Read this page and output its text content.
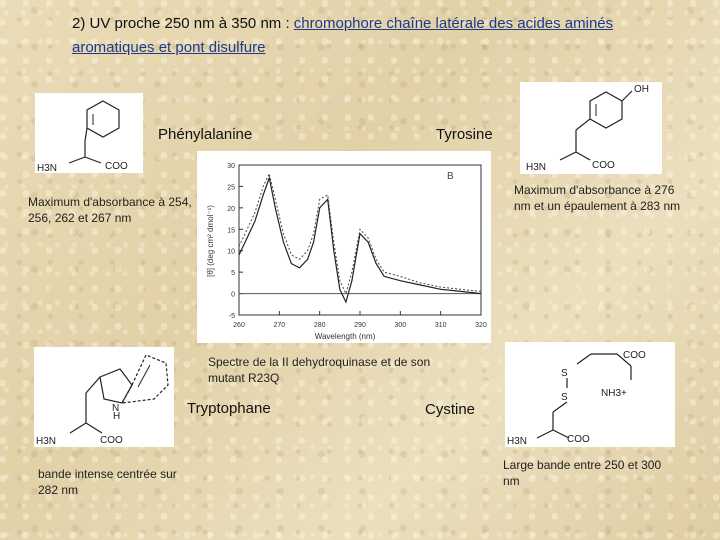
2) UV proche 250 nm à 350 nm : chromophore chaîne latérale des acides aminés aromatiques et pont disulfure
H3N	COO
OH
H3N	COO
Phénylalanine	Tyrosine
Maximum d'absorbance à 254, 256, 262 et 267 nm
Maximum d'absorbance à 276 nm et un épaulement à 283 nm
30
25
20
15
10
5
0
-5
260	270	280	290	300	310	320
B
Wavelength (nm)
[θ] (deg cm² dmol⁻¹)
Spectre de la II dehydroquinase et de son mutant R23Q
N
H
H3N	COO
S
S
COO
NH3+
H3N	COO
Tryptophane	Cystine
bande intense centrée sur 282 nm
Large bande entre 250 et 300 nm
